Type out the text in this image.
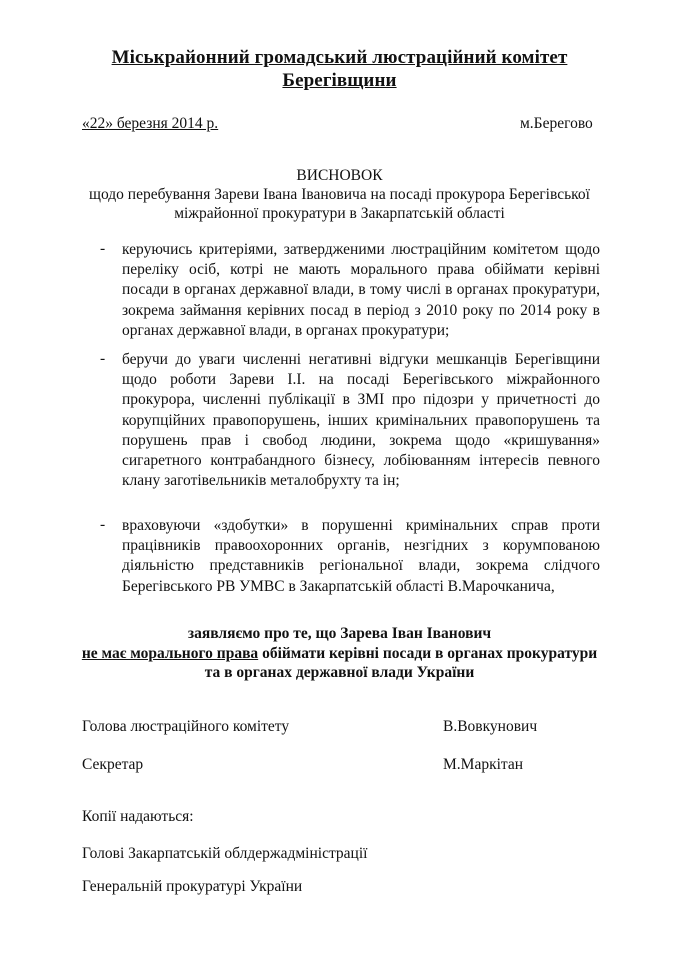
Міськрайонний громадський люстраційний комітет
Берегівщини
«22» березня 2014 р.	м.Берегово
ВИСНОВОК
щодо перебування Зареви Івана Івановича на посаді прокурора Берегівської
міжрайонної прокуратури в Закарпатській області
- керуючись критеріями, затвердженими люстраційним комітетом щодо переліку осіб, котрі не мають морального права обіймати керівні посади в органах державної влади, в тому числі в органах прокуратури, зокрема займання керівних посад в період з 2010 року по 2014 року в органах державної влади, в органах прокуратури;
- беручи до уваги численні негативні відгуки мешканців Берегівщини щодо роботи Зареви І.І. на посаді Берегівського міжрайонного прокурора, численні публікації в ЗМІ про підозри у причетності до корупційних правопорушень, інших кримінальних правопорушень та порушень прав і свобод людини, зокрема щодо «кришування» сигаретного контрабандного бізнесу, лобіюванням інтересів певного клану заготівельників металобрухту та ін;
- враховуючи «здобутки» в порушенні кримінальних справ проти працівників правоохоронних органів, незгідних з корумпованою діяльністю представників регіональної влади, зокрема слідчого Берегівського РВ УМВС в Закарпатській області В.Марочканича,
заявляємо про те, що Зарева Іван Іванович
не має морального права обіймати керівні посади в органах прокуратури
та в органах державної влади України
Голова люстраційного комітету	В.Вовкунович
Секретар	М.Маркітан
Копії надаються:
Голові Закарпатській облдержадміністрації
Генеральній прокуратурі України
